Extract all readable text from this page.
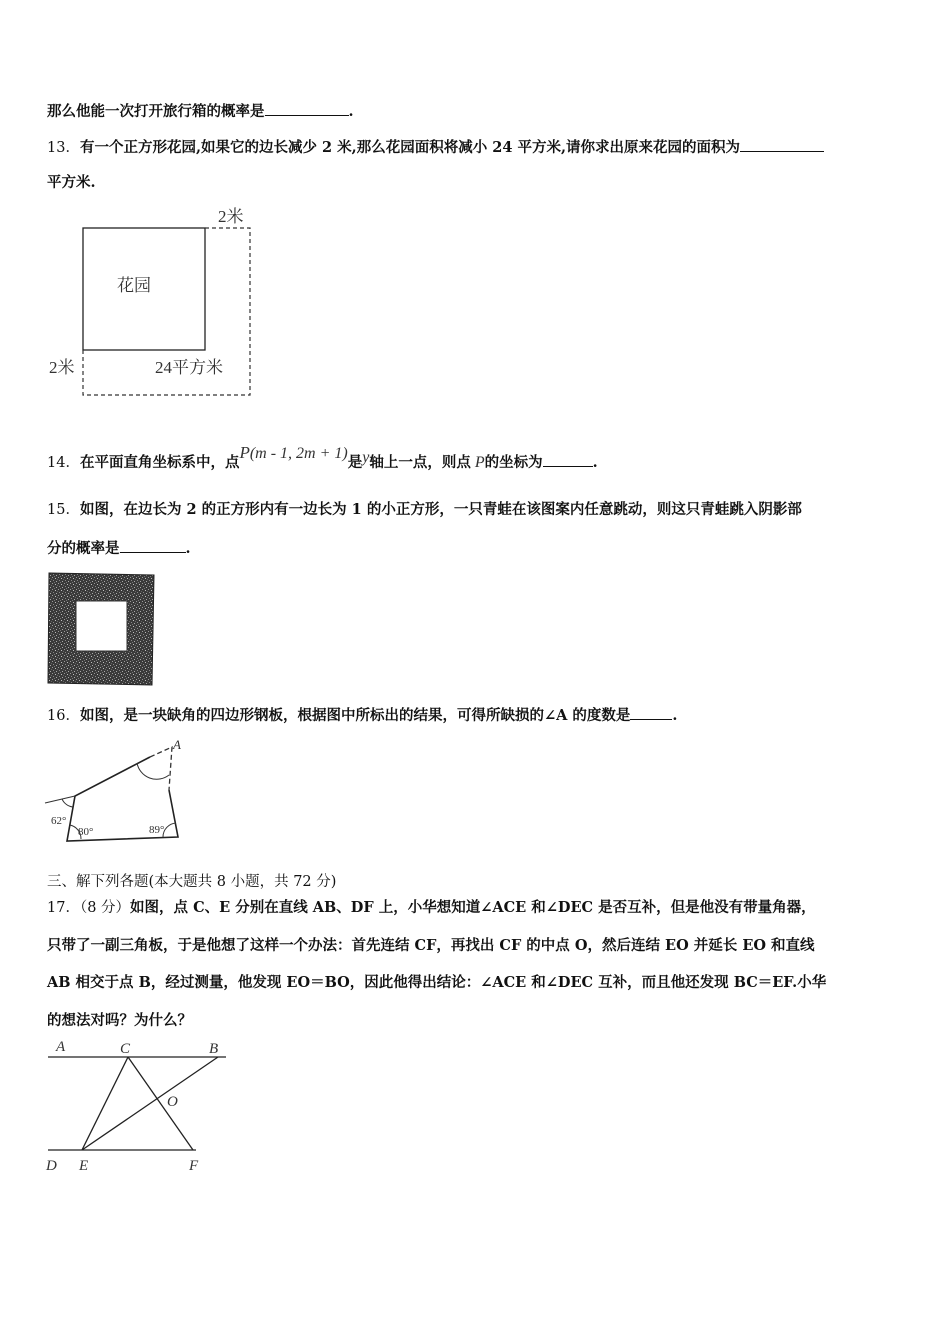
那么他能一次打开旅行箱的概率是	.
13．有一个正方形花园,如果它的边长减少 2 米,那么花园面积将减小 24 平方米,请你求出原来花园的面积为
平方米.
花园
2米
2米	24平方米
14．在平面直角坐标系中，点P(m - 1, 2m + 1)是y轴上一点，则点 P的坐标为	.
15．如图，在边长为 2 的正方形内有一边长为 1 的小正方形，一只青蛙在该图案内任意跳动，则这只青蛙跳入阴影部
分的概率是	.
16．如图，是一块缺角的四边形钢板，根据图中所标出的结果，可得所缺损的∠A 的度数是	.
A
62°
80°	89°
三、解下列各题(本大题共 8 小题，共 72 分)
17．（8 分）如图，点 C、E 分别在直线 AB、DF 上，小华想知道∠ACE 和∠DEC 是否互补，但是他没有带量角器，
只带了一副三角板，于是他想了这样一个办法：首先连结 CF，再找出 CF 的中点 O，然后连结 EO 并延长 EO 和直线
AB 相交于点 B，经过测量，他发现 EO＝BO，因此他得出结论：∠ACE 和∠DEC 互补，而且他还发现 BC＝EF.小华
的想法对吗？为什么？
A	C	B
O
D E	F
